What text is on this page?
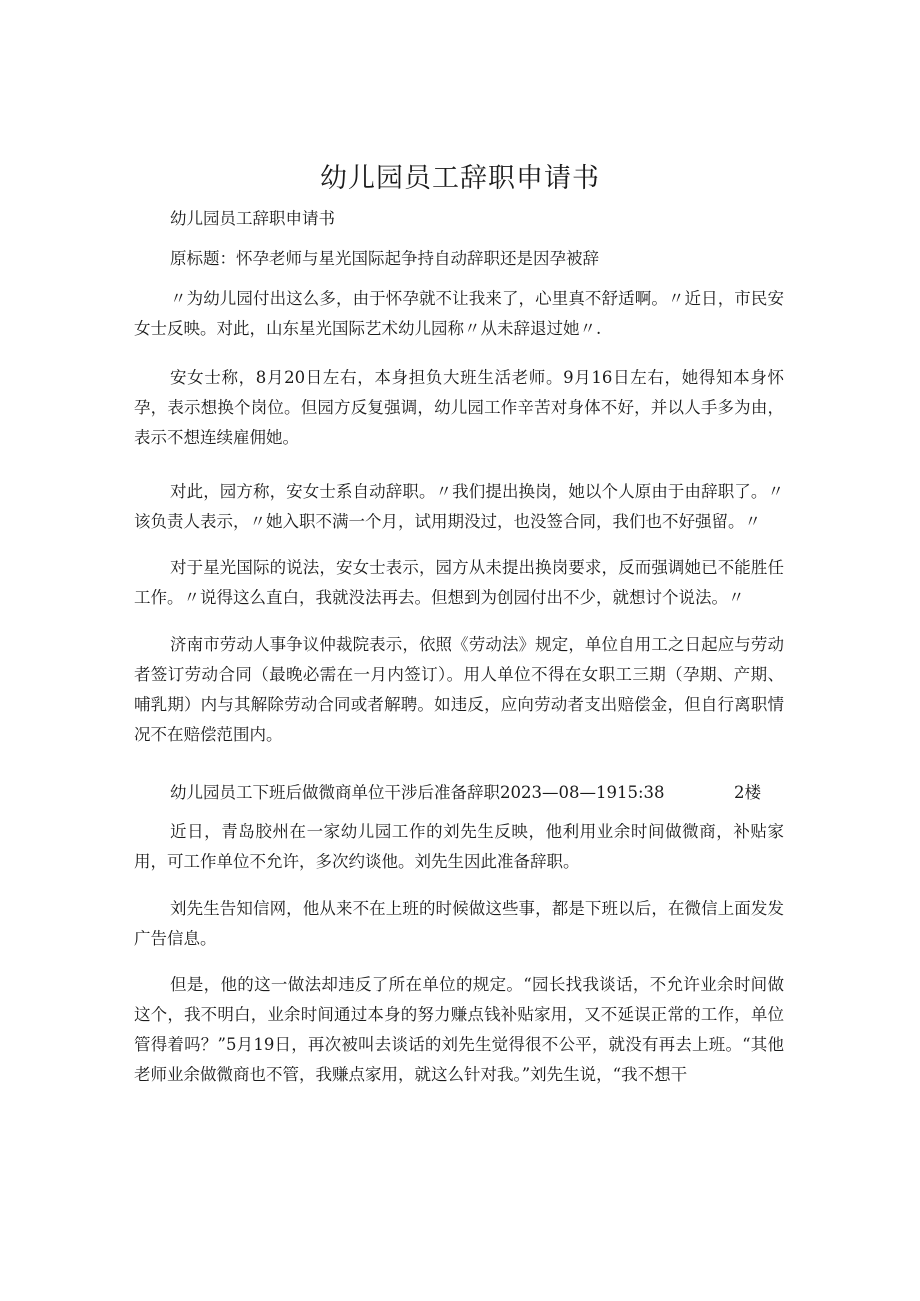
幼儿园员工辞职申请书

幼儿园员工辞职申请书

原标题：怀孕老师与星光国际起争持自动辞职还是因孕被辞

〃为幼儿园付出这么多，由于怀孕就不让我来了，心里真不舒适啊。〃近日，市民安女士反映。对此，山东星光国际艺术幼儿园称〃从未辞退过她〃.

安女士称，8月20日左右，本身担负大班生活老师。9月16日左右，她得知本身怀孕，表示想换个岗位。但园方反复强调，幼儿园工作辛苦对身体不好，并以人手多为由，表示不想连续雇佣她。

对此，园方称，安女士系自动辞职。〃我们提出换岗，她以个人原由于由辞职了。〃该负责人表示，〃她入职不满一个月，试用期没过，也没签合同，我们也不好强留。〃

对于星光国际的说法，安女士表示，园方从未提出换岗要求，反而强调她已不能胜任工作。〃说得这么直白，我就没法再去。但想到为创园付出不少，就想讨个说法。〃

济南市劳动人事争议仲裁院表示，依照《劳动法》规定，单位自用工之日起应与劳动者签订劳动合同（最晚必需在一月内签订）。用人单位不得在女职工三期（孕期、产期、哺乳期）内与其解除劳动合同或者解聘。如违反，应向劳动者支出赔偿金，但自行离职情况不在赔偿范围内。

幼儿园员工下班后做微商单位干涉后准备辞职2023—08—1915:38	2楼

近日，青岛胶州在一家幼儿园工作的刘先生反映，他利用业余时间做微商，补贴家用，可工作单位不允许，多次约谈他。刘先生因此准备辞职。

刘先生告知信网，他从来不在上班的时候做这些事，都是下班以后，在微信上面发发广告信息。

但是，他的这一做法却违反了所在单位的规定。“园长找我谈话，不允许业余时间做这个，我不明白，业余时间通过本身的努力赚点钱补贴家用，又不延误正常的工作，单位管得着吗？”5月19日，再次被叫去谈话的刘先生觉得很不公平，就没有再去上班。“其他老师业余做微商也不管，我赚点家用，就这么针对我。”刘先生说，“我不想干
